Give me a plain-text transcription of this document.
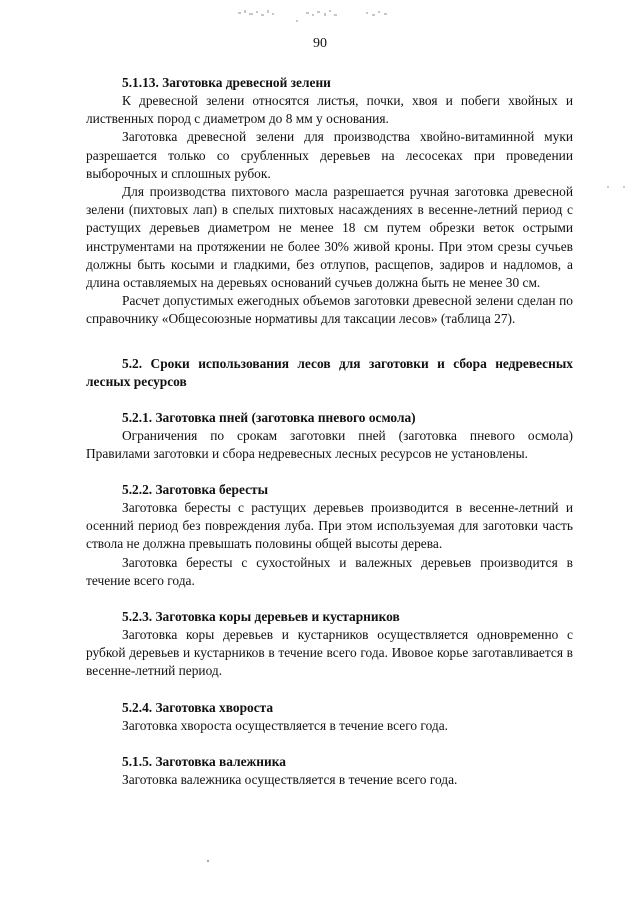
90
5.1.13. Заготовка древесной зелени

К древесной зелени относятся листья, почки, хвоя и побеги хвойных и лиственных пород с диаметром до 8 мм у основания.

Заготовка древесной зелени для производства хвойно-витаминной муки разрешается только со срубленных деревьев на лесосеках при проведении выборочных и сплошных рубок.

Для производства пихтового масла разрешается ручная заготовка древесной зелени (пихтовых лап) в спелых пихтовых насаждениях в весенне-летний период с растущих деревьев диаметром не менее 18 см путем обрезки веток острыми инструментами на протяжении не более 30% живой кроны. При этом срезы сучьев должны быть косыми и гладкими, без отлупов, расщепов, задиров и надломов, а длина оставляемых на деревьях оснований сучьев должна быть не менее 30 см.

Расчет допустимых ежегодных объемов заготовки древесной зелени сделан по справочнику «Общесоюзные нормативы для таксации лесов» (таблица 27).

5.2. Сроки использования лесов для заготовки и сбора недревесных лесных ресурсов
5.2.1. Заготовка пней (заготовка пневого осмола)

Ограничения по срокам заготовки пней (заготовка пневого осмола) Правилами заготовки и сбора недревесных лесных ресурсов не установлены.

5.2.2. Заготовка бересты

Заготовка бересты с растущих деревьев производится в весенне-летний и осенний период без повреждения луба. При этом используемая для заготовки часть ствола не должна превышать половины общей высоты дерева.

Заготовка бересты с сухостойных и валежных деревьев производится в течение всего года.

5.2.3. Заготовка коры деревьев и кустарников

Заготовка коры деревьев и кустарников осуществляется одновременно с рубкой деревьев и кустарников в течение всего года. Ивовое корье заготавливается в весенне-летний период.

5.2.4. Заготовка хвороста

Заготовка хвороста осуществляется в течение всего года.

5.1.5. Заготовка валежника

Заготовка валежника осуществляется в течение всего года.
